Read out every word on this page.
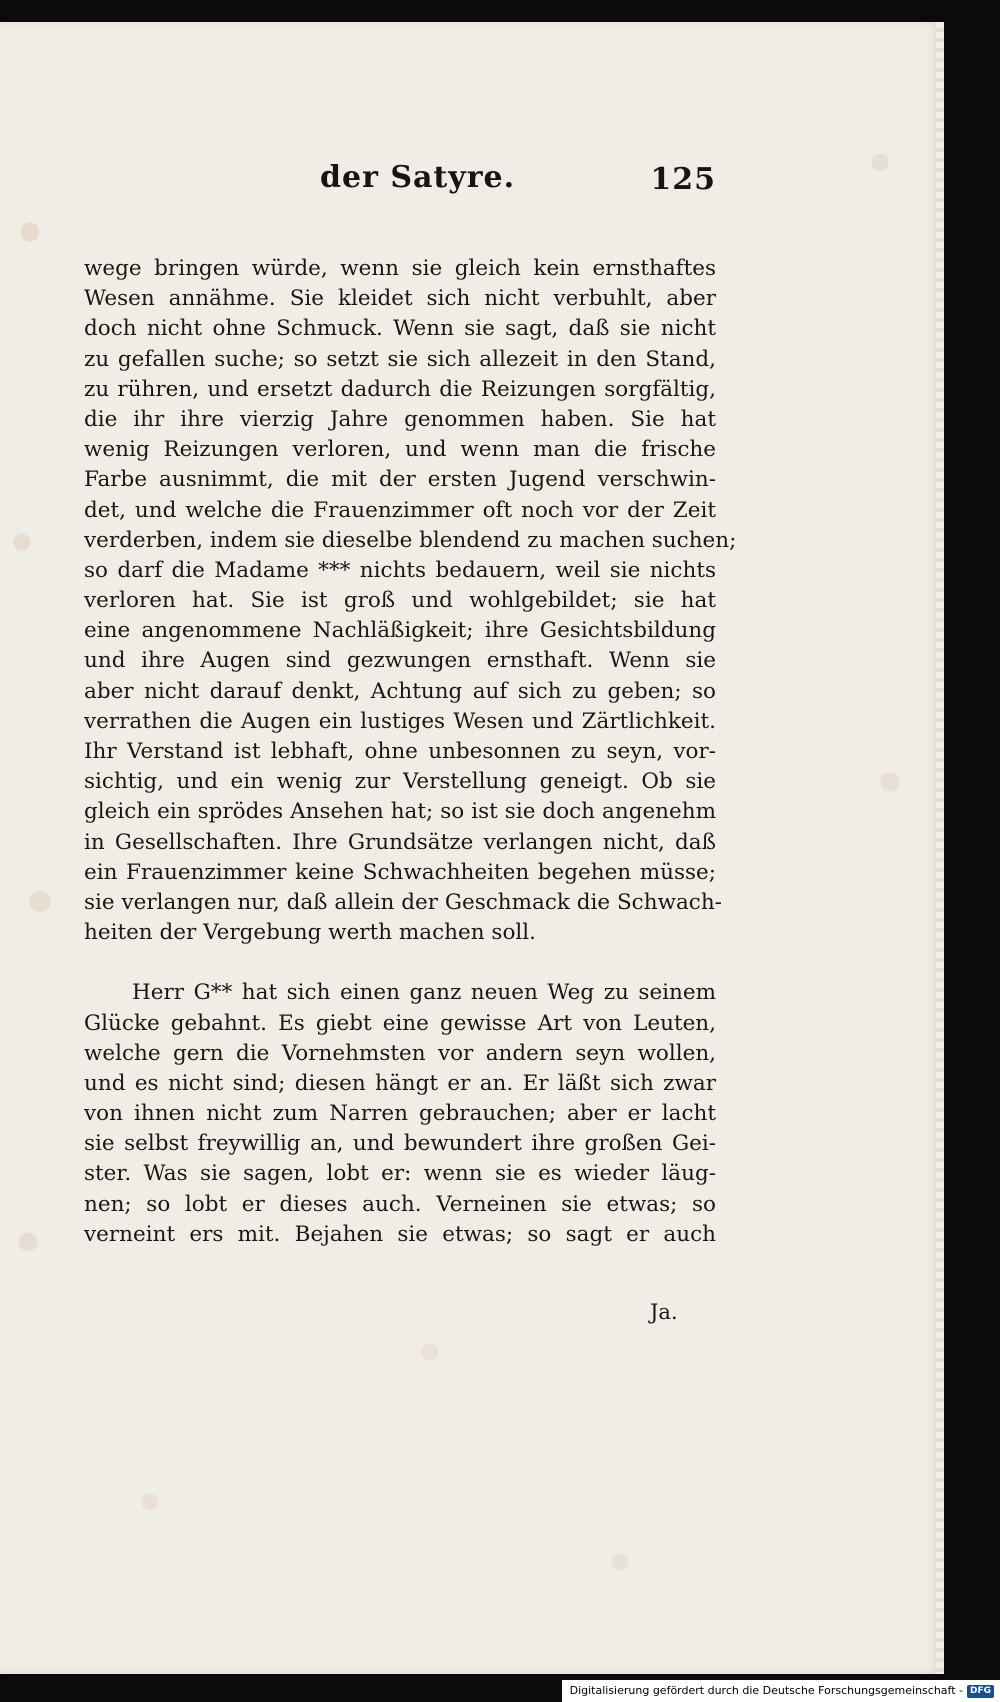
der Satyre.	125
wege bringen würde, wenn sie gleich kein ernsthaftes
Wesen annähme. Sie kleidet sich nicht verbuhlt, aber
doch nicht ohne Schmuck. Wenn sie sagt, daß sie nicht
zu gefallen suche; so setzt sie sich allezeit in den Stand,
zu rühren, und ersetzt dadurch die Reizungen sorgfältig,
die ihr ihre vierzig Jahre genommen haben. Sie hat
wenig Reizungen verloren, und wenn man die frische
Farbe ausnimmt, die mit der ersten Jugend verschwin-
det, und welche die Frauenzimmer oft noch vor der Zeit
verderben, indem sie dieselbe blendend zu machen suchen;
so darf die Madame *** nichts bedauern, weil sie nichts
verloren hat. Sie ist groß und wohlgebildet; sie hat
eine angenommene Nachläßigkeit; ihre Gesichtsbildung
und ihre Augen sind gezwungen ernsthaft. Wenn sie
aber nicht darauf denkt, Achtung auf sich zu geben; so
verrathen die Augen ein lustiges Wesen und Zärtlichkeit.
Ihr Verstand ist lebhaft, ohne unbesonnen zu seyn, vor-
sichtig, und ein wenig zur Verstellung geneigt. Ob sie
gleich ein sprödes Ansehen hat; so ist sie doch angenehm
in Gesellschaften. Ihre Grundsätze verlangen nicht, daß
ein Frauenzimmer keine Schwachheiten begehen müsse;
sie verlangen nur, daß allein der Geschmack die Schwach-
heiten der Vergebung werth machen soll.
Herr G** hat sich einen ganz neuen Weg zu seinem
Glücke gebahnt. Es giebt eine gewisse Art von Leuten,
welche gern die Vornehmsten vor andern seyn wollen,
und es nicht sind; diesen hängt er an. Er läßt sich zwar
von ihnen nicht zum Narren gebrauchen; aber er lacht
sie selbst freywillig an, und bewundert ihre großen Gei-
ster. Was sie sagen, lobt er: wenn sie es wieder läug-
nen; so lobt er dieses auch. Verneinen sie etwas; so
verneint ers mit. Bejahen sie etwas; so sagt er auch
Ja.
Digitalisierung gefördert durch die Deutsche Forschungsgemeinschaft - DFG
